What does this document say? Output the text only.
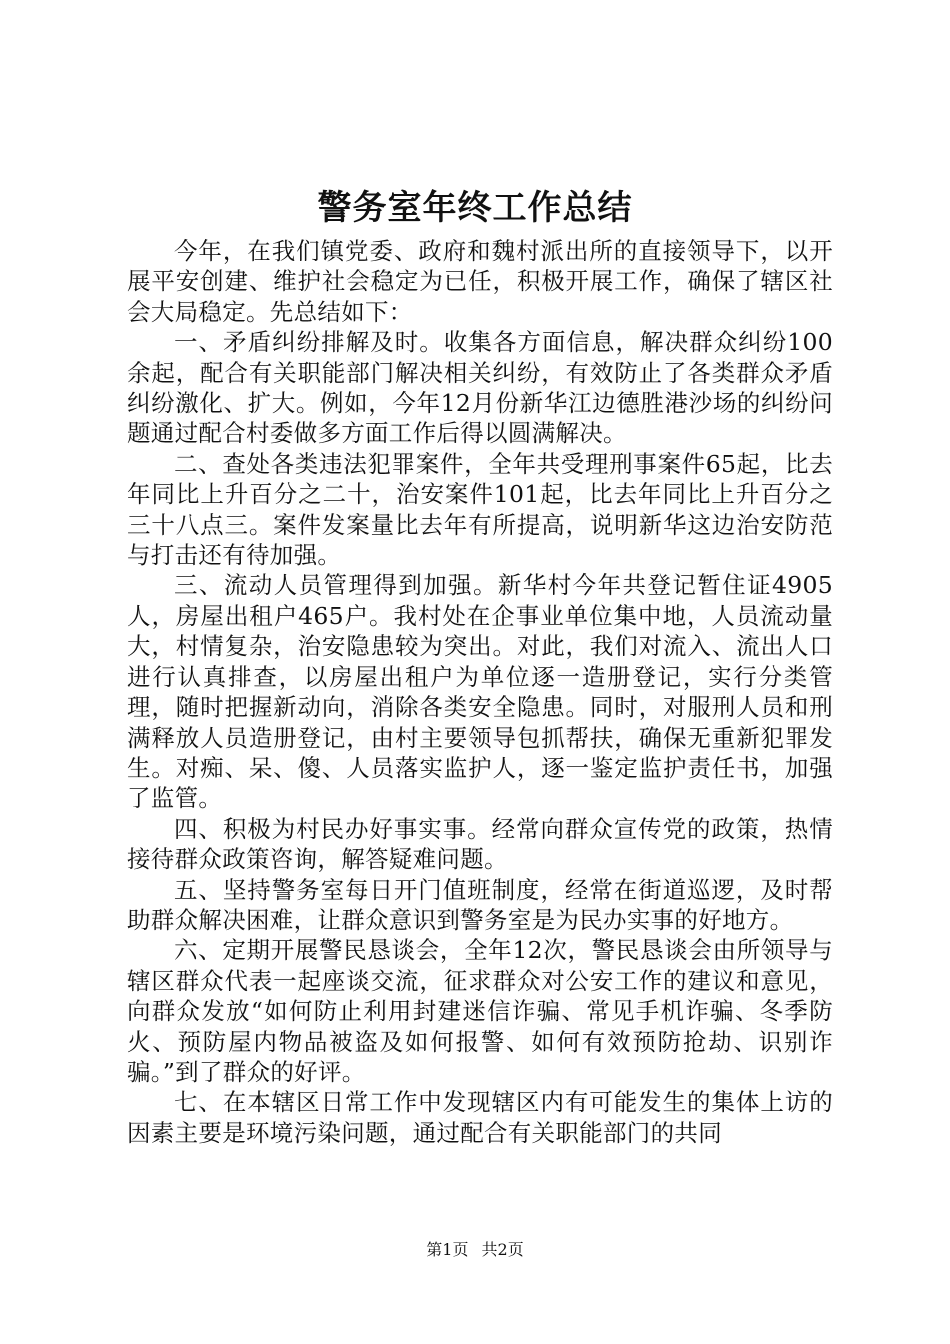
警务室年终工作总结

今年，在我们镇党委、政府和魏村派出所的直接领导下，以开展平安创建、维护社会稳定为已任，积极开展工作，确保了辖区社会大局稳定。先总结如下：

一、矛盾纠纷排解及时。收集各方面信息，解决群众纠纷100余起，配合有关职能部门解决相关纠纷，有效防止了各类群众矛盾纠纷激化、扩大。例如，今年12月份新华江边德胜港沙场的纠纷问题通过配合村委做多方面工作后得以圆满解决。

二、查处各类违法犯罪案件，全年共受理刑事案件65起，比去年同比上升百分之二十，治安案件101起，比去年同比上升百分之三十八点三。案件发案量比去年有所提高，说明新华这边治安防范与打击还有待加强。

三、流动人员管理得到加强。新华村今年共登记暂住证4905人，房屋出租户465户。我村处在企事业单位集中地，人员流动量大，村情复杂，治安隐患较为突出。对此，我们对流入、流出人口进行认真排查，以房屋出租户为单位逐一造册登记，实行分类管理，随时把握新动向，消除各类安全隐患。同时，对服刑人员和刑满释放人员造册登记，由村主要领导包抓帮扶，确保无重新犯罪发生。对痴、呆、傻、人员落实监护人，逐一鉴定监护责任书，加强了监管。

四、积极为村民办好事实事。经常向群众宣传党的政策，热情接待群众政策咨询，解答疑难问题。

五、坚持警务室每日开门值班制度，经常在街道巡逻，及时帮助群众解决困难，让群众意识到警务室是为民办实事的好地方。

六、定期开展警民恳谈会，全年12次，警民恳谈会由所领导与辖区群众代表一起座谈交流，征求群众对公安工作的建议和意见，向群众发放“如何防止利用封建迷信诈骗、常见手机诈骗、冬季防火、预防屋内物品被盗及如何报警、如何有效预防抢劫、识别诈骗。”到了群众的好评。

七、在本辖区日常工作中发现辖区内有可能发生的集体上访的因素主要是环境污染问题，通过配合有关职能部门的共同

第1页 共2页
